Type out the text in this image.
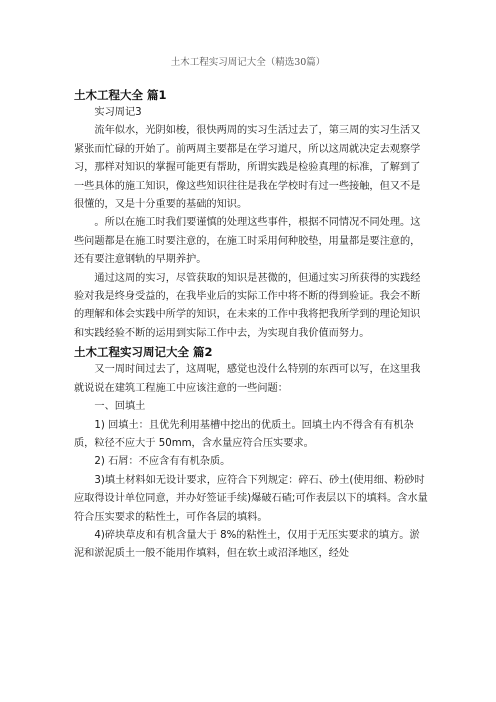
土木工程实习周记大全（精选30篇）
土木工程大全 篇1

实习周记3

流年似水，光阴如梭，很快两周的实习生活过去了，第三周的实习生活又紧张而忙碌的开始了。前两周主要都是在学习道尺，所以这周就决定去观察学习，那样对知识的掌握可能更有帮助，所谓实践是检验真理的标准，了解到了一些具体的施工知识，像这些知识往往是我在学校时有过一些接触，但又不是很懂的，又是十分重要的基础的知识。

。所以在施工时我们要谨慎的处理这些事件，根据不同情况不同处理。这些问题都是在施工时要注意的，在施工时采用何种胶垫，用量都是要注意的，还有要注意钢轨的早期养护。

通过这周的实习，尽管获取的知识是甚微的，但通过实习所获得的实践经验对我是终身受益的，在我毕业后的实际工作中将不断的得到验证。我会不断的理解和体会实践中所学的知识，在未来的工作中我将把我所学到的理论知识和实践经验不断的运用到实际工作中去，为实现自我价值而努力。

土木工程实习周记大全 篇2

又一周时间过去了，这周呢，感觉也没什么特别的东西可以写，在这里我就说说在建筑工程施工中应该注意的一些问题：

一、回填土

1) 回填土：且优先利用基槽中挖出的优质土。回填土内不得含有有机杂质，粒径不应大于 50mm，含水量应符合压实要求。

2) 石屑：不应含有有机杂质。

3)填土材料如无设计要求，应符合下列规定：碎石、砂土(使用细、粉砂时应取得设计单位同意，并办好签证手续)爆破石碴;可作表层以下的填料。含水量符合压实要求的粘性土，可作各层的填料。

4)碎块草皮和有机含量大于 8%的粘性土，仅用于无压实要求的填方。淤泥和淤泥质土一般不能用作填料，但在软土或沼泽地区，经处
